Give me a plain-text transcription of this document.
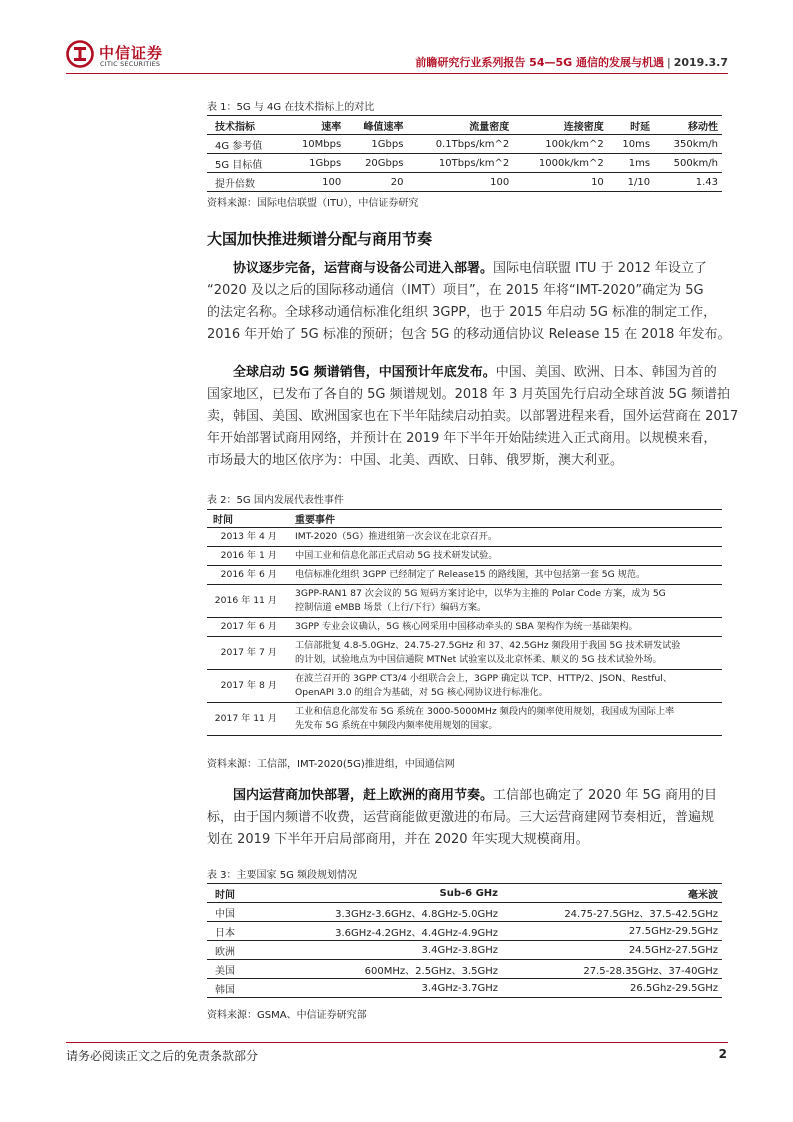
中信证券
CITIC SECURITIES	前瞻研究行业系列报告 54—5G 通信的发展与机遇 | 2019.3.7
表 1：5G 与 4G 在技术指标上的对比
技术指标	速率	峰值速率	流量密度	连接密度	时延	移动性
4G 参考值	10Mbps	1Gbps	0.1Tbps/km^2	100k/km^2	10ms	350km/h
5G 目标值	1Gbps	20Gbps	10Tbps/km^2	1000k/km^2	1ms	500km/h
提升倍数	100	20	100	10	1/10	1.43
资料来源：国际电信联盟（ITU），中信证券研究
大国加快推进频谱分配与商用节奏
协议逐步完备，运营商与设备公司进入部署。国际电信联盟 ITU 于 2012 年设立了
“2020 及以之后的国际移动通信（IMT）项目”，在 2015 年将“IMT-2020”确定为 5G
的法定名称。全球移动通信标准化组织 3GPP，也于 2015 年启动 5G 标准的制定工作，
2016 年开始了 5G 标准的预研；包含 5G 的移动通信协议 Release 15 在 2018 年发布。
全球启动 5G 频谱销售，中国预计年底发布。中国、美国、欧洲、日本、韩国为首的
国家地区，已发布了各自的 5G 频谱规划。2018 年 3 月英国先行启动全球首波 5G 频谱拍
卖，韩国、美国、欧洲国家也在下半年陆续启动拍卖。以部署进程来看，国外运营商在 2017
年开始部署试商用网络，并预计在 2019 年下半年开始陆续进入正式商用。以规模来看，
市场最大的地区依序为：中国、北美、西欧、日韩、俄罗斯，澳大利亚。
表 2：5G 国内发展代表性事件
时间	重要事件
2013 年 4 月	IMT-2020（5G）推进组第一次会议在北京召开。

2016 年 1 月	中国工业和信息化部正式启动 5G 技术研发试验。

2016 年 6 月	电信标准化组织 3GPP 已经制定了 Release15 的路线图，其中包括第一套 5G 规范。

2016 年 11 月	3GPP-RAN1 87 次会议的 5G 短码方案讨论中，以华为主推的 Polar Code 方案，成为 5G
控制信道 eMBB 场景（上行/下行）编码方案。

2017 年 6 月	3GPP 专业会议确认，5G 核心网采用中国移动牵头的 SBA 架构作为统一基础架构。

2017 年 7 月	工信部批复 4.8-5.0GHz、24.75-27.5GHz 和 37、42.5GHz 频段用于我国 5G 技术研发试验
的计划，试验地点为中国信通院 MTNet 试验室以及北京怀柔、顺义的 5G 技术试验外场。

2017 年 8 月	在波兰召开的 3GPP CT3/4 小组联合会上，3GPP 确定以 TCP、HTTP/2、JSON、Restful、
OpenAPI 3.0 的组合为基础，对 5G 核心网协议进行标准化。

2017 年 11 月	工业和信息化部发布 5G 系统在 3000-5000MHz 频段内的频率使用规划，我国成为国际上率
先发布 5G 系统在中频段内频率使用规划的国家。
资料来源：工信部，IMT-2020(5G)推进组，中国通信网
国内运营商加快部署，赶上欧洲的商用节奏。工信部也确定了 2020 年 5G 商用的目
标，由于国内频谱不收费，运营商能做更激进的布局。三大运营商建网节奏相近，普遍规
划在 2019 下半年开启局部商用，并在 2020 年实现大规模商用。
表 3：主要国家 5G 频段规划情况
时间	Sub-6 GHz	毫米波
中国	3.3GHz-3.6GHz、4.8GHz-5.0GHz	24.75-27.5GHz、37.5-42.5GHz
日本	3.6GHz-4.2GHz、4.4GHz-4.9GHz	27.5GHz-29.5GHz
欧洲	3.4GHz-3.8GHz	24.5GHz-27.5GHz
美国	600MHz、2.5GHz、3.5GHz	27.5-28.35GHz、37-40GHz
韩国	3.4GHz-3.7GHz	26.5Ghz-29.5GHz
资料来源：GSMA、中信证券研究部
请务必阅读正文之后的免责条款部分	2
